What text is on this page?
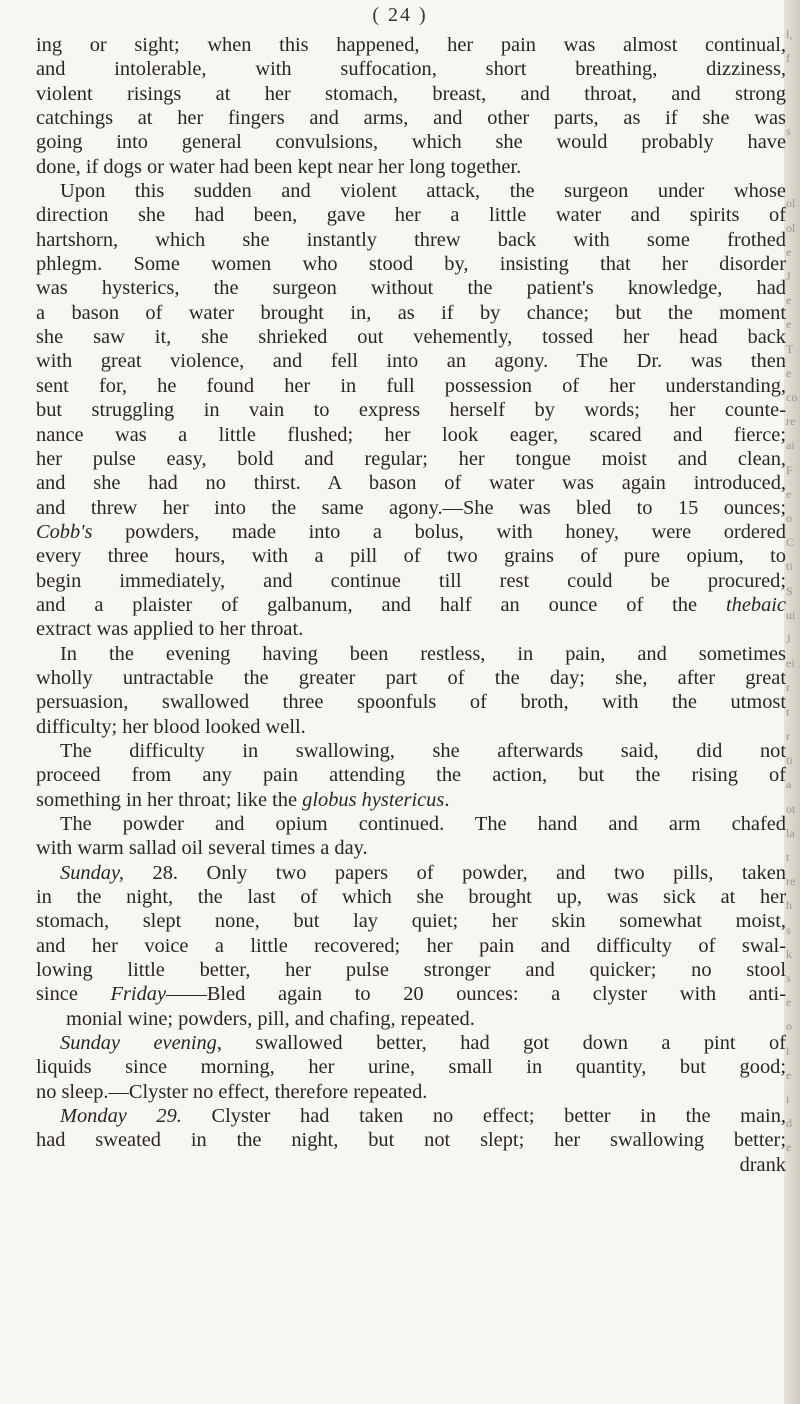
l,
f

s

ol
ol
e
J
e
e
T
e
co
re
ai
F
e
o
C
ti
S
ui
J
ei
r
t
r
ti
a
ot
la
t
re
h
s
k
s
e
o
i
e
i
d
e
( 24 )
ing or sight; when this happened, her pain was almost continual,
and intolerable, with suffocation, short breathing, dizziness,
violent risings at her stomach, breast, and throat, and strong
catchings at her fingers and arms, and other parts, as if she was
going into general convulsions, which she would probably have
done, if dogs or water had been kept near her long together.
Upon this sudden and violent attack, the surgeon under whose
direction she had been, gave her a little water and spirits of
hartshorn, which she instantly threw back with some frothed
phlegm. Some women who stood by, insisting that her disorder
was hysterics, the surgeon without the patient's knowledge, had
a bason of water brought in, as if by chance; but the moment
she saw it, she shrieked out vehemently, tossed her head back
with great violence, and fell into an agony. The Dr. was then
sent for, he found her in full possession of her understanding,
but struggling in vain to express herself by words; her counte-
nance was a little flushed; her look eager, scared and fierce;
her pulse easy, bold and regular; her tongue moist and clean,
and she had no thirst. A bason of water was again introduced,
and threw her into the same agony.—She was bled to 15 ounces;
Cobb's powders, made into a bolus, with honey, were ordered
every three hours, with a pill of two grains of pure opium, to
begin immediately, and continue till rest could be procured;
and a plaister of galbanum, and half an ounce of the thebaic
extract was applied to her throat.
In the evening having been restless, in pain, and sometimes
wholly untractable the greater part of the day; she, after great
persuasion, swallowed three spoonfuls of broth, with the utmost
difficulty; her blood looked well.
The difficulty in swallowing, she afterwards said, did not
proceed from any pain attending the action, but the rising of
something in her throat; like the globus hystericus.
The powder and opium continued. The hand and arm chafed
with warm sallad oil several times a day.
Sunday, 28. Only two papers of powder, and two pills, taken
in the night, the last of which she brought up, was sick at her
stomach, slept none, but lay quiet; her skin somewhat moist,
and her voice a little recovered; her pain and difficulty of swal-
lowing little better, her pulse stronger and quicker; no stool
since Friday——Bled again to 20 ounces: a clyster with anti-
monial wine; powders, pill, and chafing, repeated.
Sunday evening, swallowed better, had got down a pint of
liquids since morning, her urine, small in quantity, but good;
no sleep.—Clyster no effect, therefore repeated.
Monday 29. Clyster had taken no effect; better in the main,
had sweated in the night, but not slept; her swallowing better;
drank
